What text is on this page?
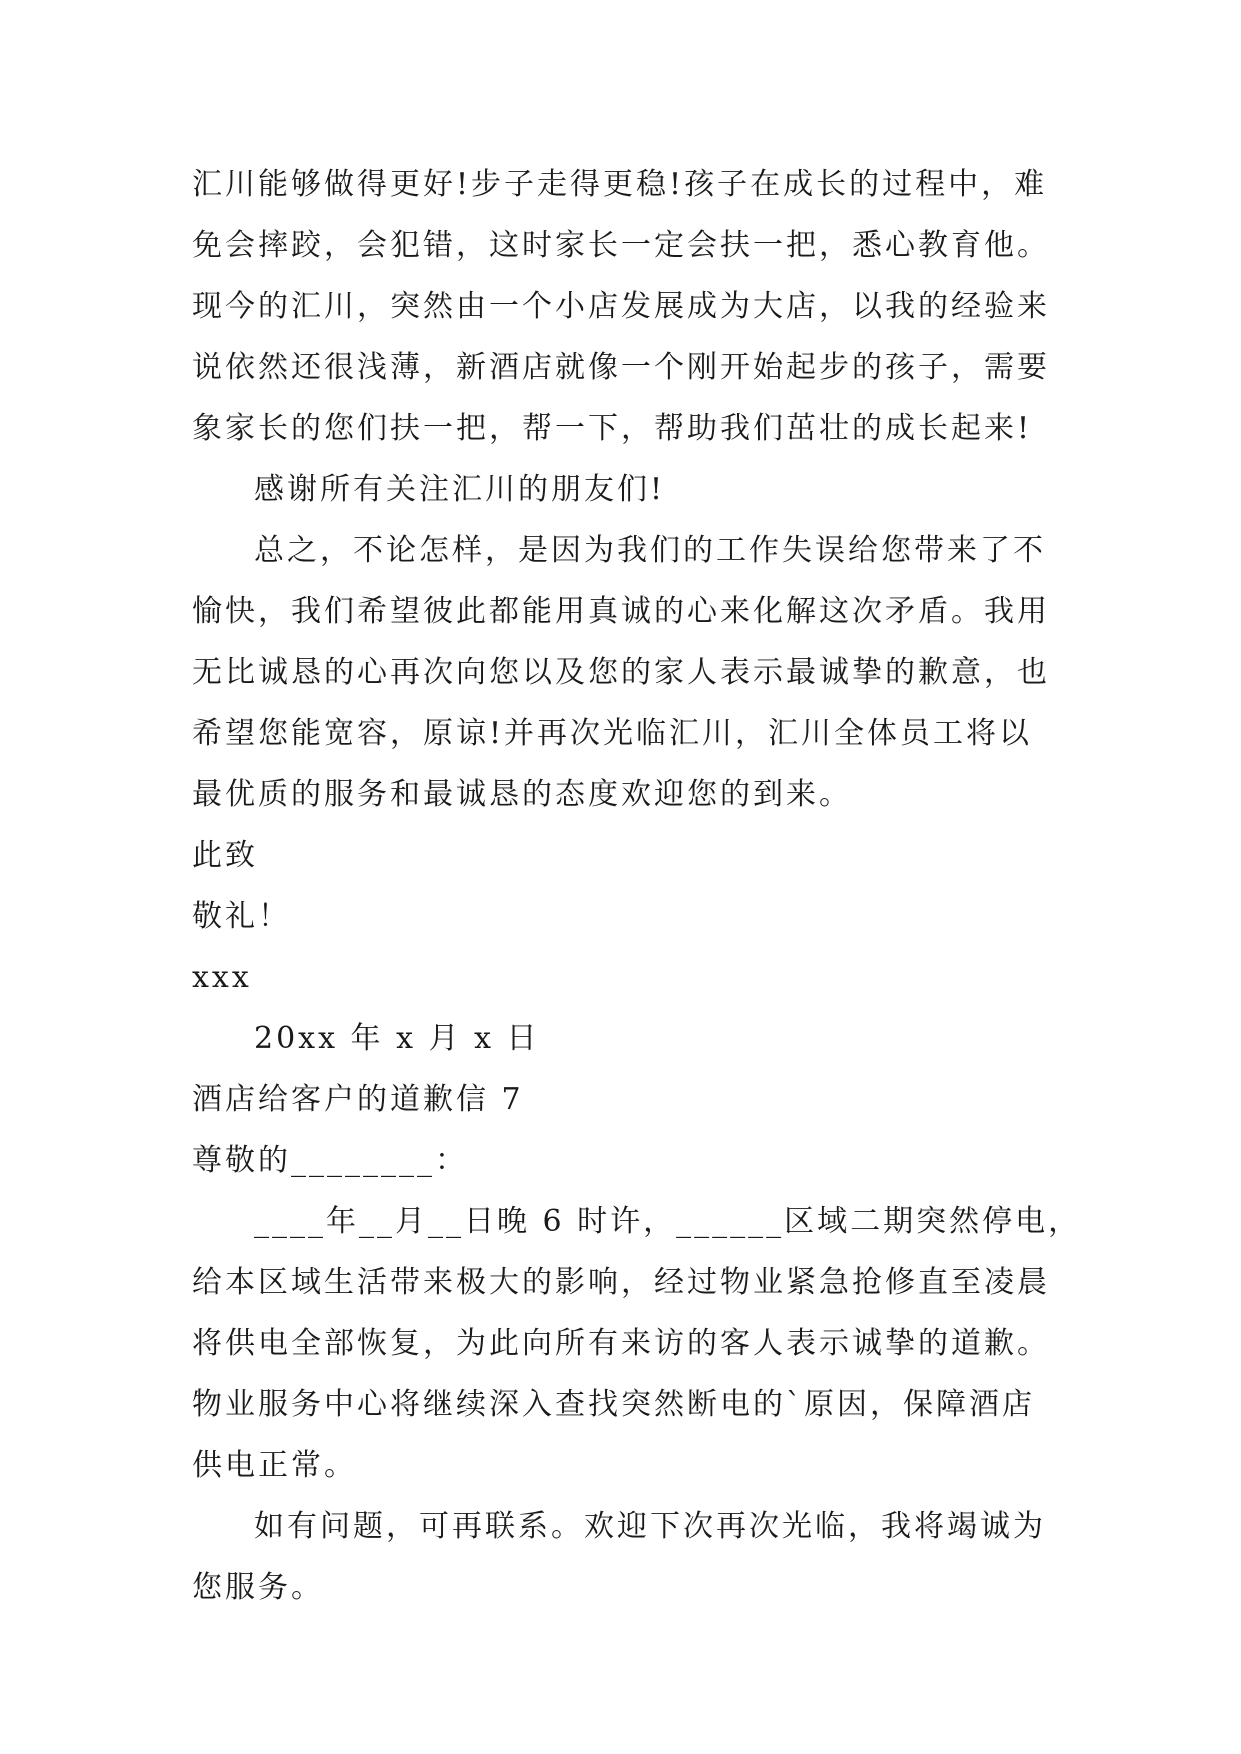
汇川能够做得更好!步子走得更稳!孩子在成长的过程中，难
免会摔跤，会犯错，这时家长一定会扶一把，悉心教育他。
现今的汇川，突然由一个小店发展成为大店，以我的经验来
说依然还很浅薄，新酒店就像一个刚开始起步的孩子，需要
象家长的您们扶一把，帮一下，帮助我们茁壮的成长起来!
感谢所有关注汇川的朋友们!
总之，不论怎样，是因为我们的工作失误给您带来了不
愉快，我们希望彼此都能用真诚的心来化解这次矛盾。我用
无比诚恳的心再次向您以及您的家人表示最诚挚的歉意，也
希望您能宽容，原谅!并再次光临汇川，汇川全体员工将以
最优质的服务和最诚恳的态度欢迎您的到来。
此致
敬礼！
xxx
20xx 年 x 月 x 日
酒店给客户的道歉信 7
尊敬的________：
____年__月__日晚 6 时许，______区域二期突然停电，
给本区域生活带来极大的影响，经过物业紧急抢修直至凌晨
将供电全部恢复，为此向所有来访的客人表示诚挚的道歉。
物业服务中心将继续深入查找突然断电的`原因，保障酒店
供电正常。
如有问题，可再联系。欢迎下次再次光临，我将竭诚为
您服务。
